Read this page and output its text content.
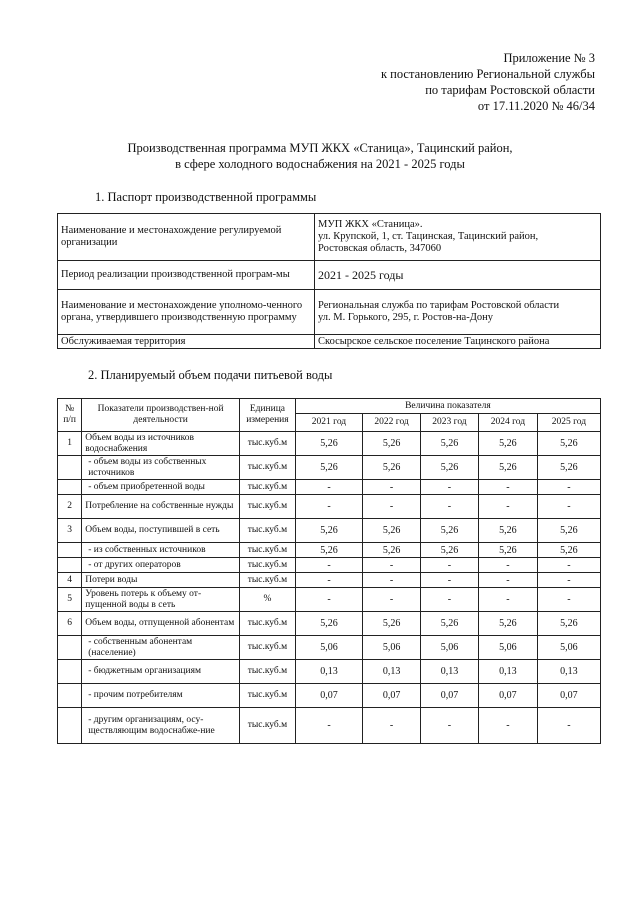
Приложение № 3
к постановлению Региональной службы
по тарифам Ростовской области
от 17.11.2020 № 46/34
Производственная программа МУП ЖКХ «Станица», Тацинский район,
в сфере холодного водоснабжения на 2021 - 2025 годы
1. Паспорт производственной программы
Наименование и местонахождение регулируемой организации	МУП ЖКХ «Станица».
ул. Крупской, 1, ст. Тацинская, Тацинский район,
Ростовская область, 347060

Период реализации производственной програм-мы	2021 - 2025 годы

Наименование и местонахождение уполномо-ченного органа, утвердившего производственную программу	Региональная служба по тарифам Ростовской области
ул. М. Горького, 295, г. Ростов-на-Дону

Обслуживаемая территория	Скосырское сельское поселение Тацинского района
2. Планируемый объем подачи питьевой воды
№ п/п	Показатели производствен-ной деятельности	Единица измерения	Величина показателя				
			2021 год	2022 год	2023 год	2024 год	2025 год
1	Объем воды из источников водоснабжения	тыс.куб.м	5,26	5,26	5,26	5,26	5,26
	- объем воды из собственных источников	тыс.куб.м	5,26	5,26	5,26	5,26	5,26
	- объем приобретенной воды	тыс.куб.м	-	-	-	-	-
2	Потребление на собственные нужды	тыс.куб.м	-	-	-	-	-
3	Объем воды, поступившей в сеть	тыс.куб.м	5,26	5,26	5,26	5,26	5,26
	- из собственных источников	тыс.куб.м	5,26	5,26	5,26	5,26	5,26
	- от других операторов	тыс.куб.м	-	-	-	-	-
4	Потери воды	тыс.куб.м	-	-	-	-	-
5	Уровень потерь к объему от-пущенной воды в сеть	%	-	-	-	-	-
6	Объем воды, отпущенной абонентам	тыс.куб.м	5,26	5,26	5,26	5,26	5,26
	- собственным абонентам (население)	тыс.куб.м	5,06	5,06	5,06	5,06	5,06
	- бюджетным организациям	тыс.куб.м	0,13	0,13	0,13	0,13	0,13
	- прочим потребителям	тыс.куб.м	0,07	0,07	0,07	0,07	0,07
	- другим организациям, осу-ществляющим водоснабже-ние	тыс.куб.м	-	-	-	-	-
